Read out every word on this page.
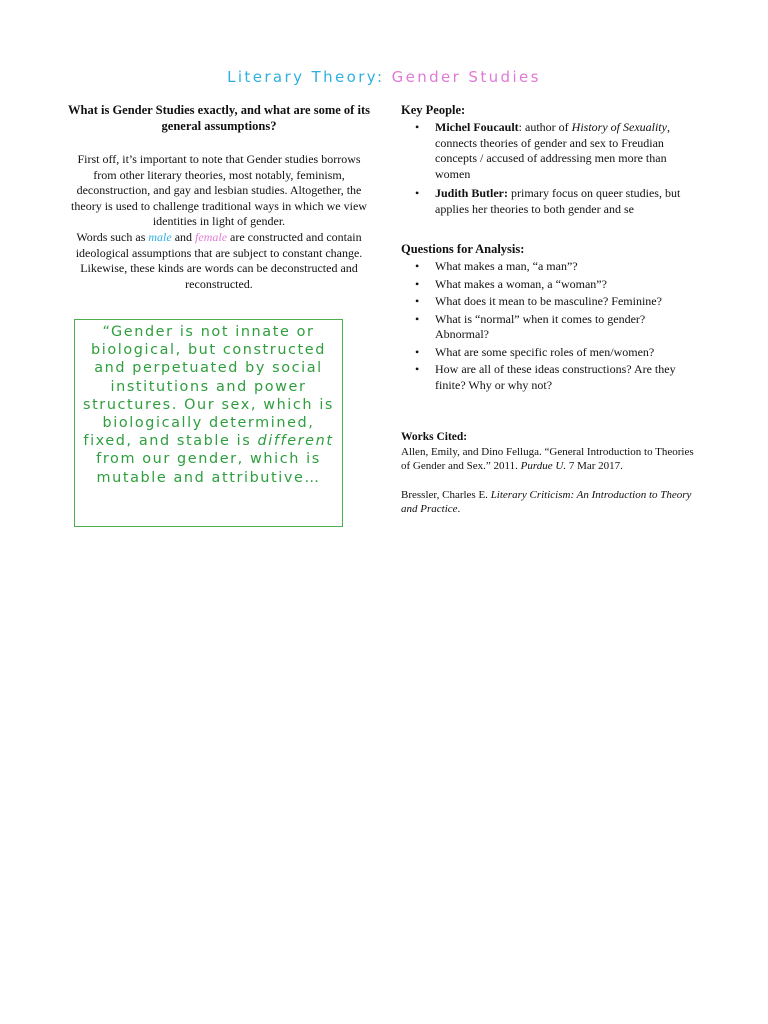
Literary Theory: Gender Studies
What is Gender Studies exactly, and what are some of its general assumptions?

First off, it’s important to note that Gender studies borrows from other literary theories, most notably, feminism, deconstruction, and gay and lesbian studies. Altogether, the theory is used to challenge traditional ways in which we view identities in light of gender.

Words such as male and female are constructed and contain ideological assumptions that are subject to constant change. Likewise, these kinds are words can be deconstructed and reconstructed.

“Gender is not innate or biological, but constructed and perpetuated by social institutions and power structures. Our sex, which is biologically determined, fixed, and stable is different from our gender, which is mutable and attributive…
Key People:
• Michel Foucault: author of History of Sexuality, connects theories of gender and sex to Freudian concepts / accused of addressing men more than women
• Judith Butler: primary focus on queer studies, but applies her theories to both gender and se
Questions for Analysis:
• What makes a man, “a man”?
• What makes a woman, a “woman”?
• What does it mean to be masculine? Feminine?
• What is “normal” when it comes to gender? Abnormal?
• What are some specific roles of men/women?
• How are all of these ideas constructions? Are they finite? Why or why not?
Works Cited:

Allen, Emily, and Dino Felluga. “General Introduction to Theories of Gender and Sex.” 2011. Purdue U. 7 Mar 2017.

Bressler, Charles E. Literary Criticism: An Introduction to Theory and Practice.
